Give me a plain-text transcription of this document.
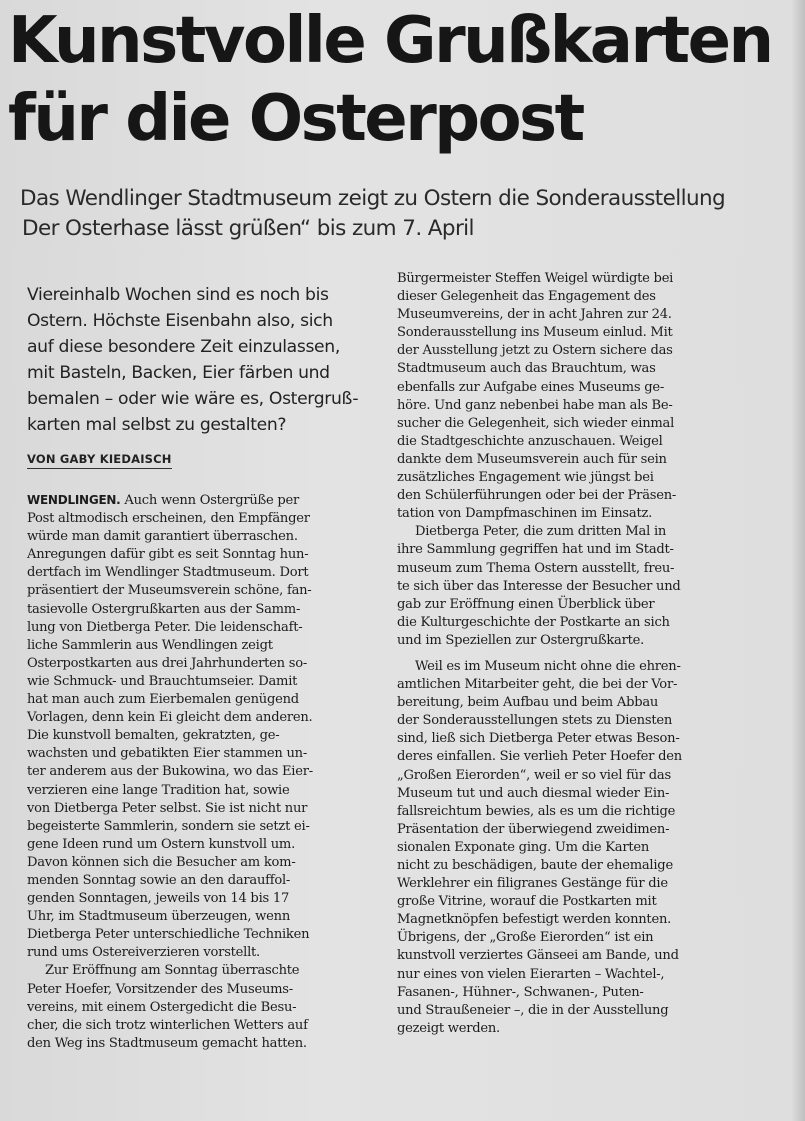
Kunstvolle Grußkarten
für die Osterpost
Das Wendlinger Stadtmuseum zeigt zu Ostern die Sonderausstellung
Der Osterhase lässt grüßen“ bis zum 7. April
Viereinhalb Wochen sind es noch bis
Ostern. Höchste Eisenbahn also, sich
auf diese besondere Zeit einzulassen,
mit Basteln, Backen, Eier färben und
bemalen – oder wie wäre es, Ostergruß-
karten mal selbst zu gestalten?
VON GABY KIEDAISCH
WENDLINGEN. Auch wenn Ostergrüße per
Post altmodisch erscheinen, den Empfänger
würde man damit garantiert überraschen.
Anregungen dafür gibt es seit Sonntag hun-
dertfach im Wendlinger Stadtmuseum. Dort
präsentiert der Museumsverein schöne, fan-
tasievolle Ostergrußkarten aus der Samm-
lung von Dietberga Peter. Die leidenschaft-
liche Sammlerin aus Wendlingen zeigt
Osterpostkarten aus drei Jahrhunderten so-
wie Schmuck- und Brauchtumseier. Damit
hat man auch zum Eierbemalen genügend
Vorlagen, denn kein Ei gleicht dem anderen.
Die kunstvoll bemalten, gekratzten, ge-
wachsten und gebatikten Eier stammen un-
ter anderem aus der Bukowina, wo das Eier-
verzieren eine lange Tradition hat, sowie
von Dietberga Peter selbst. Sie ist nicht nur
begeisterte Sammlerin, sondern sie setzt ei-
gene Ideen rund um Ostern kunstvoll um.
Davon können sich die Besucher am kom-
menden Sonntag sowie an den darauffol-
genden Sonntagen, jeweils von 14 bis 17
Uhr, im Stadtmuseum überzeugen, wenn
Dietberga Peter unterschiedliche Techniken
rund ums Ostereiverzieren vorstellt.
Zur Eröffnung am Sonntag überraschte
Peter Hoefer, Vorsitzender des Museums-
vereins, mit einem Ostergedicht die Besu-
cher, die sich trotz winterlichen Wetters auf
den Weg ins Stadtmuseum gemacht hatten.
Bürgermeister Steffen Weigel würdigte bei
dieser Gelegenheit das Engagement des
Museumvereins, der in acht Jahren zur 24.
Sonderausstellung ins Museum einlud. Mit
der Ausstellung jetzt zu Ostern sichere das
Stadtmuseum auch das Brauchtum, was
ebenfalls zur Aufgabe eines Museums ge-
höre. Und ganz nebenbei habe man als Be-
sucher die Gelegenheit, sich wieder einmal
die Stadtgeschichte anzuschauen. Weigel
dankte dem Museumsverein auch für sein
zusätzliches Engagement wie jüngst bei
den Schülerführungen oder bei der Präsen-
tation von Dampfmaschinen im Einsatz.
Dietberga Peter, die zum dritten Mal in
ihre Sammlung gegriffen hat und im Stadt-
museum zum Thema Ostern ausstellt, freu-
te sich über das Interesse der Besucher und
gab zur Eröffnung einen Überblick über
die Kulturgeschichte der Postkarte an sich
und im Speziellen zur Ostergrußkarte.
Weil es im Museum nicht ohne die ehren-
amtlichen Mitarbeiter geht, die bei der Vor-
bereitung, beim Aufbau und beim Abbau
der Sonderausstellungen stets zu Diensten
sind, ließ sich Dietberga Peter etwas Beson-
deres einfallen. Sie verlieh Peter Hoefer den
„Großen Eierorden“, weil er so viel für das
Museum tut und auch diesmal wieder Ein-
fallsreichtum bewies, als es um die richtige
Präsentation der überwiegend zweidimen-
sionalen Exponate ging. Um die Karten
nicht zu beschädigen, baute der ehemalige
Werklehrer ein filigranes Gestänge für die
große Vitrine, worauf die Postkarten mit
Magnetknöpfen befestigt werden konnten.
Übrigens, der „Große Eierorden“ ist ein
kunstvoll verziertes Gänseei am Bande, und
nur eines von vielen Eierarten – Wachtel-,
Fasanen-, Hühner-, Schwanen-, Puten-
und Straußeneier –, die in der Ausstellung
gezeigt werden.
